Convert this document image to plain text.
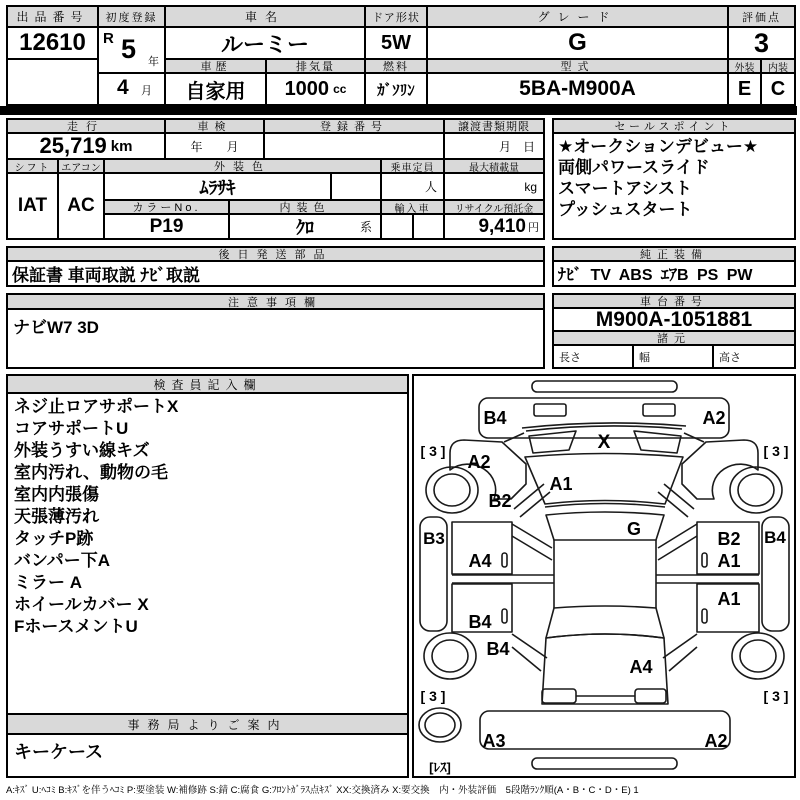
出品番号
12610
初度登録
R 5 年
4 月
車名
ルーミー
車歴
自家用
排気量
1000 cc
ドア形状
5W
燃料
ｶﾞｿﾘﾝ
グレード
G
型式
5BA-M900A
評価点
3
外装	内装
E C
走行
25,719 km
車検
年　　月
登録番号	譲渡書類期限
月　日
シフト
IAT
エアコン
AC
外装色
ﾑﾗｻｷ
乗車定員
人
最大積載量
kg
カラーNo.
P19
内装色
ｸﾛ	系
輸入車	リサイクル預託金
9,410 円
セールスポイント
★オークションデビュー★
両側パワースライド
スマートアシスト
プッシュスタート
後日発送部品
保証書 車両取説 ﾅﾋﾞ取説
純正装備
ﾅﾋﾞ TV ABS ｴｱB PS PW
注意事項欄
ナビW7 3D
車台番号
M900A-1051881
諸元
長さ	幅	高さ
検査員記入欄
ネジ止ロアサポートX
コアサポートU
外装うすい線キズ
室内汚れ、動物の毛
室内内張傷
天張薄汚れ
タッチP跡
バンパー下A
ミラー A
ホイールカバー X
FホースメントU
事務局よりご案内
キーケース
B4	A2
X
[ 3 ]	[ 3 ]
A2
A1
B2
G
B3	B2 B4
A4	A1
A1
B4
B4
A4
[ 3 ]	[ 3 ]
A3	A2
[ﾚｽ]
A:ｷｽﾞ U:ﾍｺﾐ B:ｷｽﾞを伴うﾍｺﾐ P:要塗装 W:補修跡 S:錆 C:腐食 G:ﾌﾛﾝﾄｶﾞﾗｽ点ｷｽﾞ XX:交換済み X:要交換　内・外装評価　5段階ﾗﾝｸ順(A・B・C・D・E) 1
